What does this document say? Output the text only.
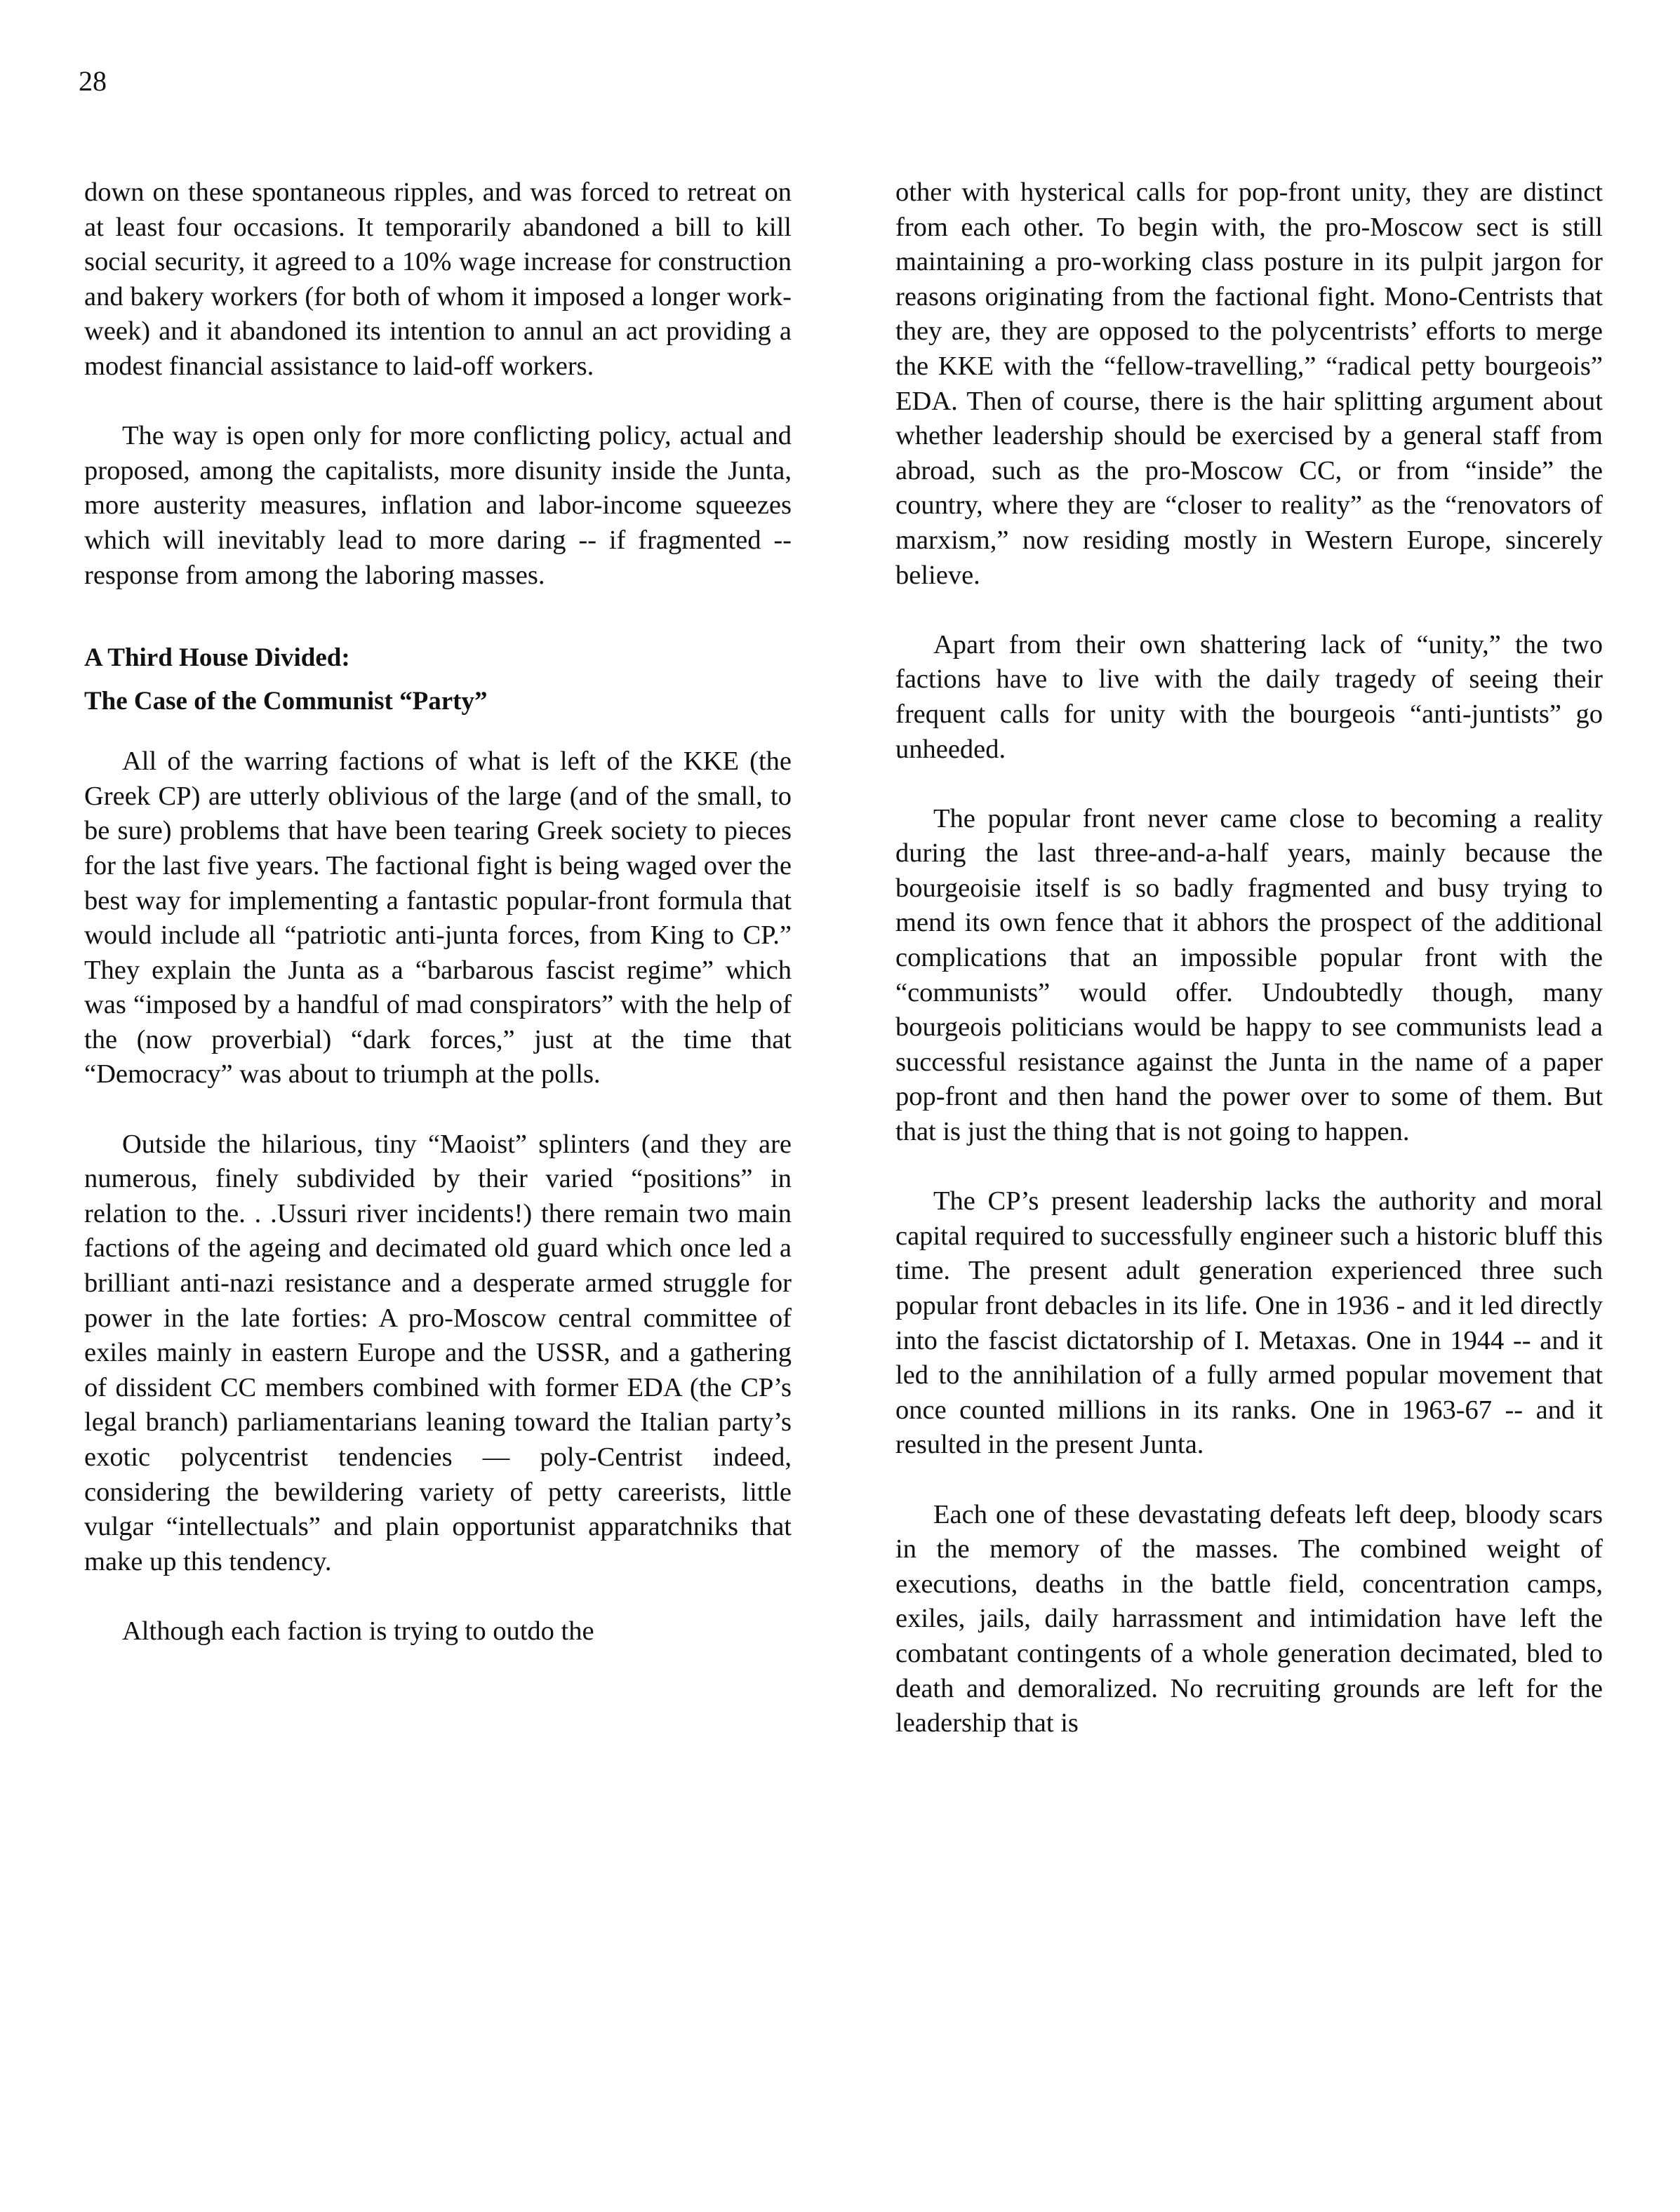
28

down on these spontaneous ripples, and was forced to retreat on at least four occasions. It temporarily abandoned a bill to kill social security, it agreed to a 10% wage increase for construction and bakery workers (for both of whom it imposed a longer work-week) and it abandoned its intention to annul an act providing a modest financial assistance to laid-off workers.

The way is open only for more conflicting policy, actual and proposed, among the capitalists, more disunity inside the Junta, more austerity measures, inflation and labor-income squeezes which will inevitably lead to more daring -- if fragmented -- response from among the laboring masses.

A Third House Divided:

The Case of the Communist “Party”

All of the warring factions of what is left of the KKE (the Greek CP) are utterly oblivious of the large (and of the small, to be sure) problems that have been tearing Greek society to pieces for the last five years. The factional fight is being waged over the best way for implementing a fantastic popular-front formula that would include all “patriotic anti-junta forces, from King to CP.” They explain the Junta as a “barbarous fascist regime” which was “imposed by a handful of mad conspirators” with the help of the (now proverbial) “dark forces,” just at the time that “Democracy” was about to triumph at the polls.

Outside the hilarious, tiny “Maoist” splinters (and they are numerous, finely subdivided by their varied “positions” in relation to the. . .Ussuri river incidents!) there remain two main factions of the ageing and decimated old guard which once led a brilliant anti-nazi resistance and a desperate armed struggle for power in the late forties: A pro-Moscow central committee of exiles mainly in eastern Europe and the USSR, and a gathering of dissident CC members combined with former EDA (the CP’s legal branch) parliamentarians leaning toward the Italian party’s exotic polycentrist tendencies — poly-Centrist indeed, considering the bewildering variety of petty careerists, little vulgar “intellectuals” and plain opportunist apparatchniks that make up this tendency.

Although each faction is trying to outdo the

other with hysterical calls for pop-front unity, they are distinct from each other. To begin with, the pro-Moscow sect is still maintaining a pro-working class posture in its pulpit jargon for reasons originating from the factional fight. Mono-Centrists that they are, they are opposed to the polycentrists’ efforts to merge the KKE with the “fellow-travelling,” “radical petty bourgeois” EDA. Then of course, there is the hair splitting argument about whether leadership should be exercised by a general staff from abroad, such as the pro-Moscow CC, or from “inside” the country, where they are “closer to reality” as the “renovators of marxism,” now residing mostly in Western Europe, sincerely believe.

Apart from their own shattering lack of “unity,” the two factions have to live with the daily tragedy of seeing their frequent calls for unity with the bourgeois “anti-juntists” go unheeded.

The popular front never came close to becoming a reality during the last three-and-a-half years, mainly because the bourgeoisie itself is so badly fragmented and busy trying to mend its own fence that it abhors the prospect of the additional complications that an impossible popular front with the “communists” would offer. Undoubtedly though, many bourgeois politicians would be happy to see communists lead a successful resistance against the Junta in the name of a paper pop-front and then hand the power over to some of them. But that is just the thing that is not going to happen.

The CP’s present leadership lacks the authority and moral capital required to successfully engineer such a historic bluff this time. The present adult generation experienced three such popular front debacles in its life. One in 1936 - and it led directly into the fascist dictatorship of I. Metaxas. One in 1944 -- and it led to the annihilation of a fully armed popular movement that once counted millions in its ranks. One in 1963-67 -- and it resulted in the present Junta.

Each one of these devastating defeats left deep, bloody scars in the memory of the masses. The combined weight of executions, deaths in the battle field, concentration camps, exiles, jails, daily harrassment and intimidation have left the combatant contingents of a whole generation decimated, bled to death and demoralized. No recruiting grounds are left for the leadership that is
